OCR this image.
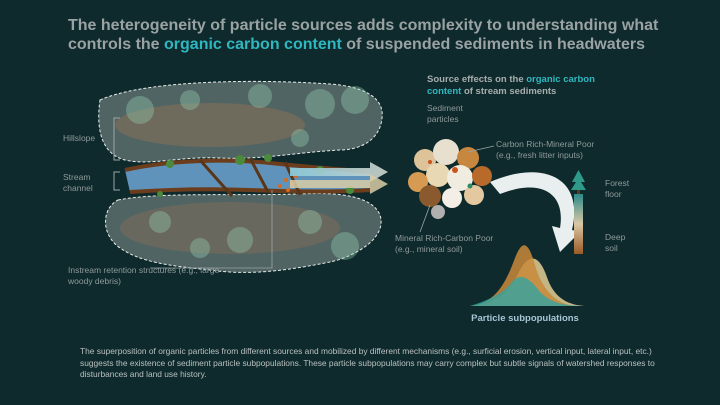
The heterogeneity of particle sources adds complexity to understanding what controls the organic carbon content of suspended sediments in headwaters
Source effects on the organic carbon content of stream sediments
Hillslope
Stream channel
Instream retention structures (e.g., large woody debris)
Sediment particles
Carbon Rich-Mineral Poor (e.g., fresh litter inputs)
Mineral Rich-Carbon Poor (e.g., mineral soil)
Forest floor
Deep soil
Particle subpopulations
The superposition of organic particles from different sources and mobilized by different mechanisms (e.g., surficial erosion, vertical input, lateral input, etc.) suggests the existence of sediment particle subpopulations. These particle subpopulations may carry complex but subtle signals of watershed responses to disturbances and land use history.
